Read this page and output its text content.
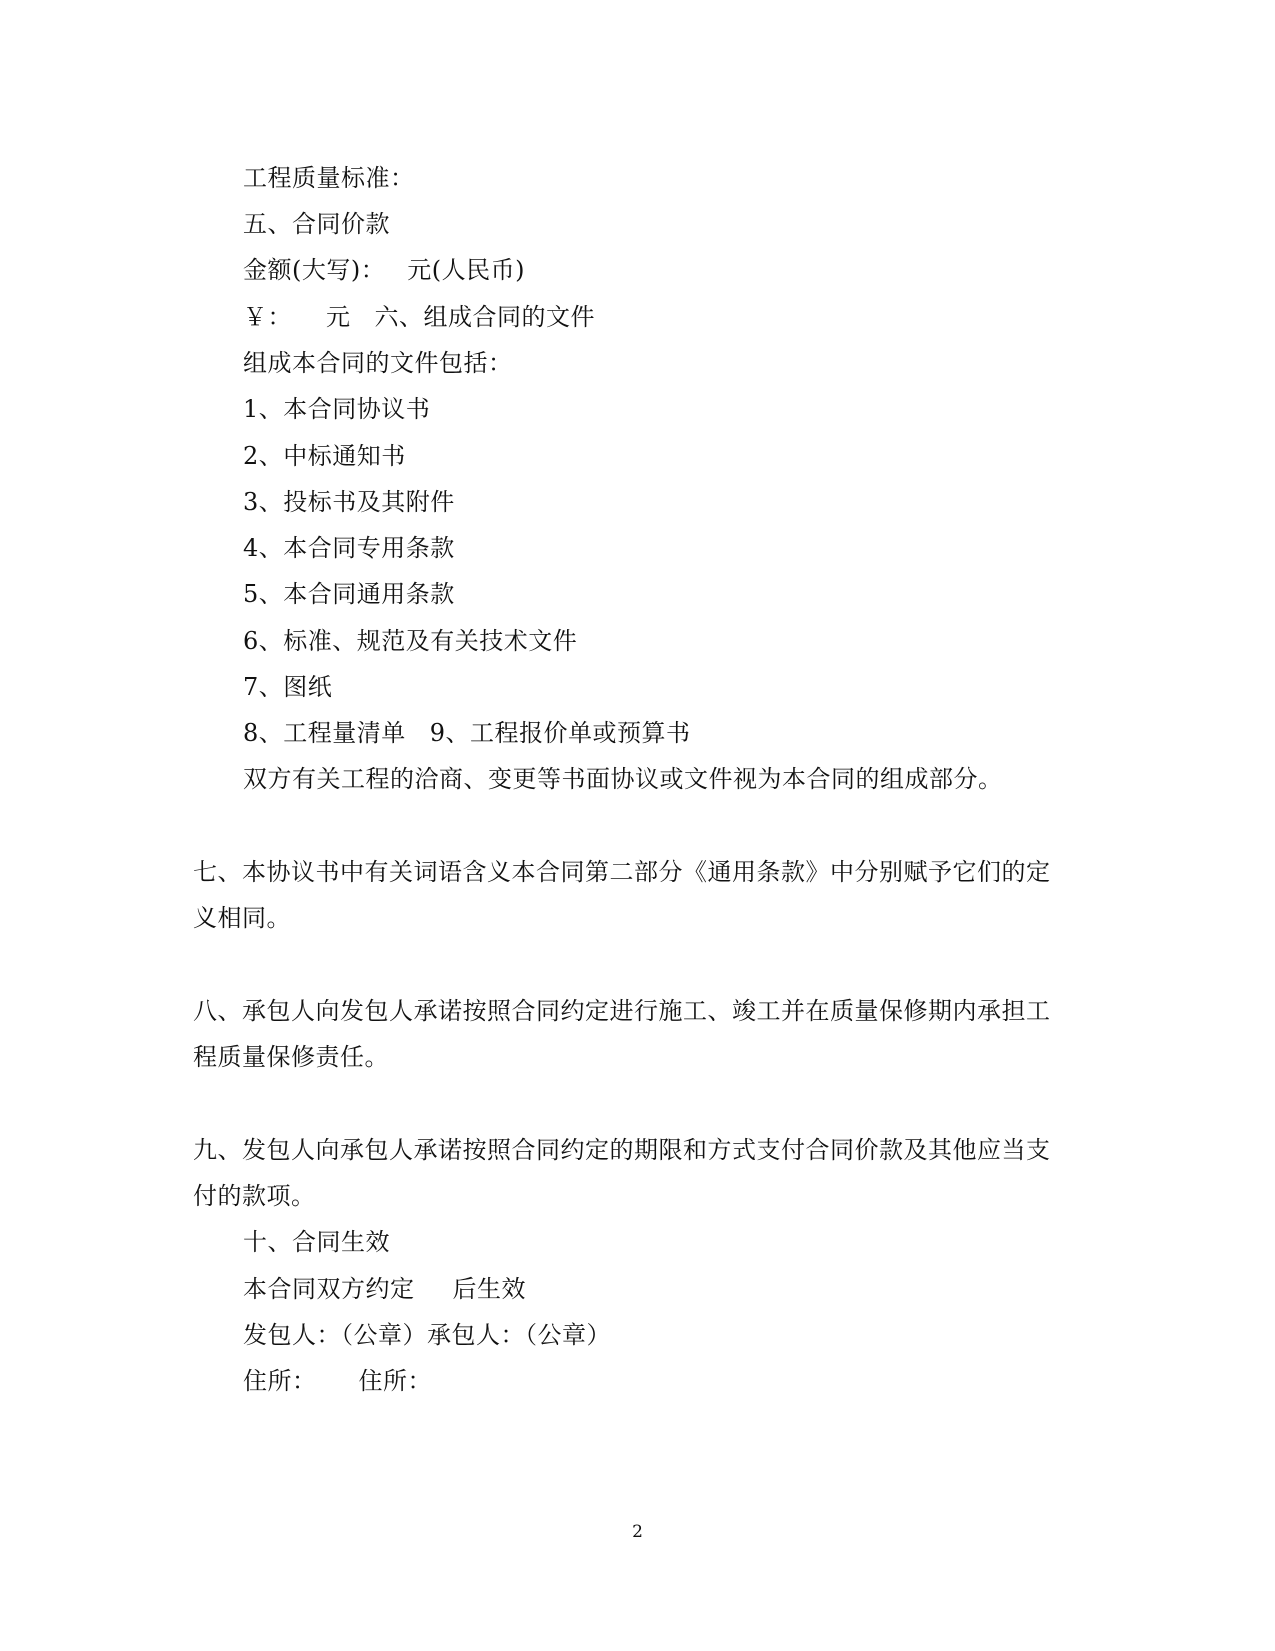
工程质量标准：
五、合同价款
金额(大写)： 元(人民币)
￥： 元 六、组成合同的文件
组成本合同的文件包括：
1、本合同协议书
2、中标通知书
3、投标书及其附件
4、本合同专用条款
5、本合同通用条款
6、标准、规范及有关技术文件
7、图纸
8、工程量清单 9、工程报价单或预算书
双方有关工程的洽商、变更等书面协议或文件视为本合同的组成部分。
七、本协议书中有关词语含义本合同第二部分《通用条款》中分别赋予它们的定
义相同。
八、承包人向发包人承诺按照合同约定进行施工、竣工并在质量保修期内承担工
程质量保修责任。
九、发包人向承包人承诺按照合同约定的期限和方式支付合同价款及其他应当支
付的款项。
十、合同生效
本合同双方约定 后生效
发包人：（公章）承包人：（公章）
住所： 住所：
2
